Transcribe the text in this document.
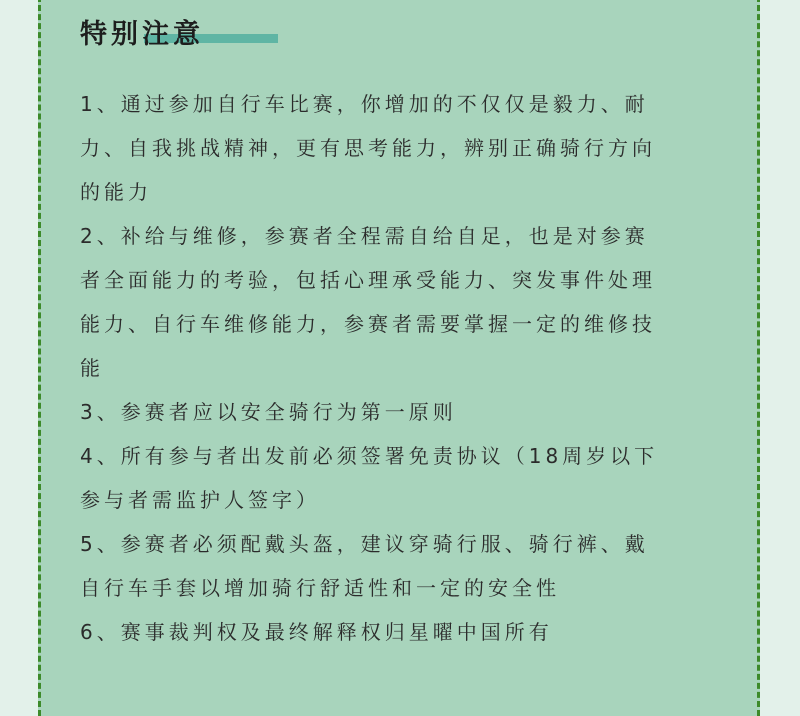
特别注意
1、通过参加自行车比赛，你增加的不仅仅是毅力、耐
力、自我挑战精神，更有思考能力，辨别正确骑行方向
的能力
2、补给与维修，参赛者全程需自给自足，也是对参赛
者全面能力的考验，包括心理承受能力、突发事件处理
能力、自行车维修能力，参赛者需要掌握一定的维修技
能
3、参赛者应以安全骑行为第一原则
4、所有参与者出发前必须签署免责协议（18周岁以下
参与者需监护人签字）
5、参赛者必须配戴头盔，建议穿骑行服、骑行裤、戴
自行车手套以增加骑行舒适性和一定的安全性
6、赛事裁判权及最终解释权归星曜中国所有
